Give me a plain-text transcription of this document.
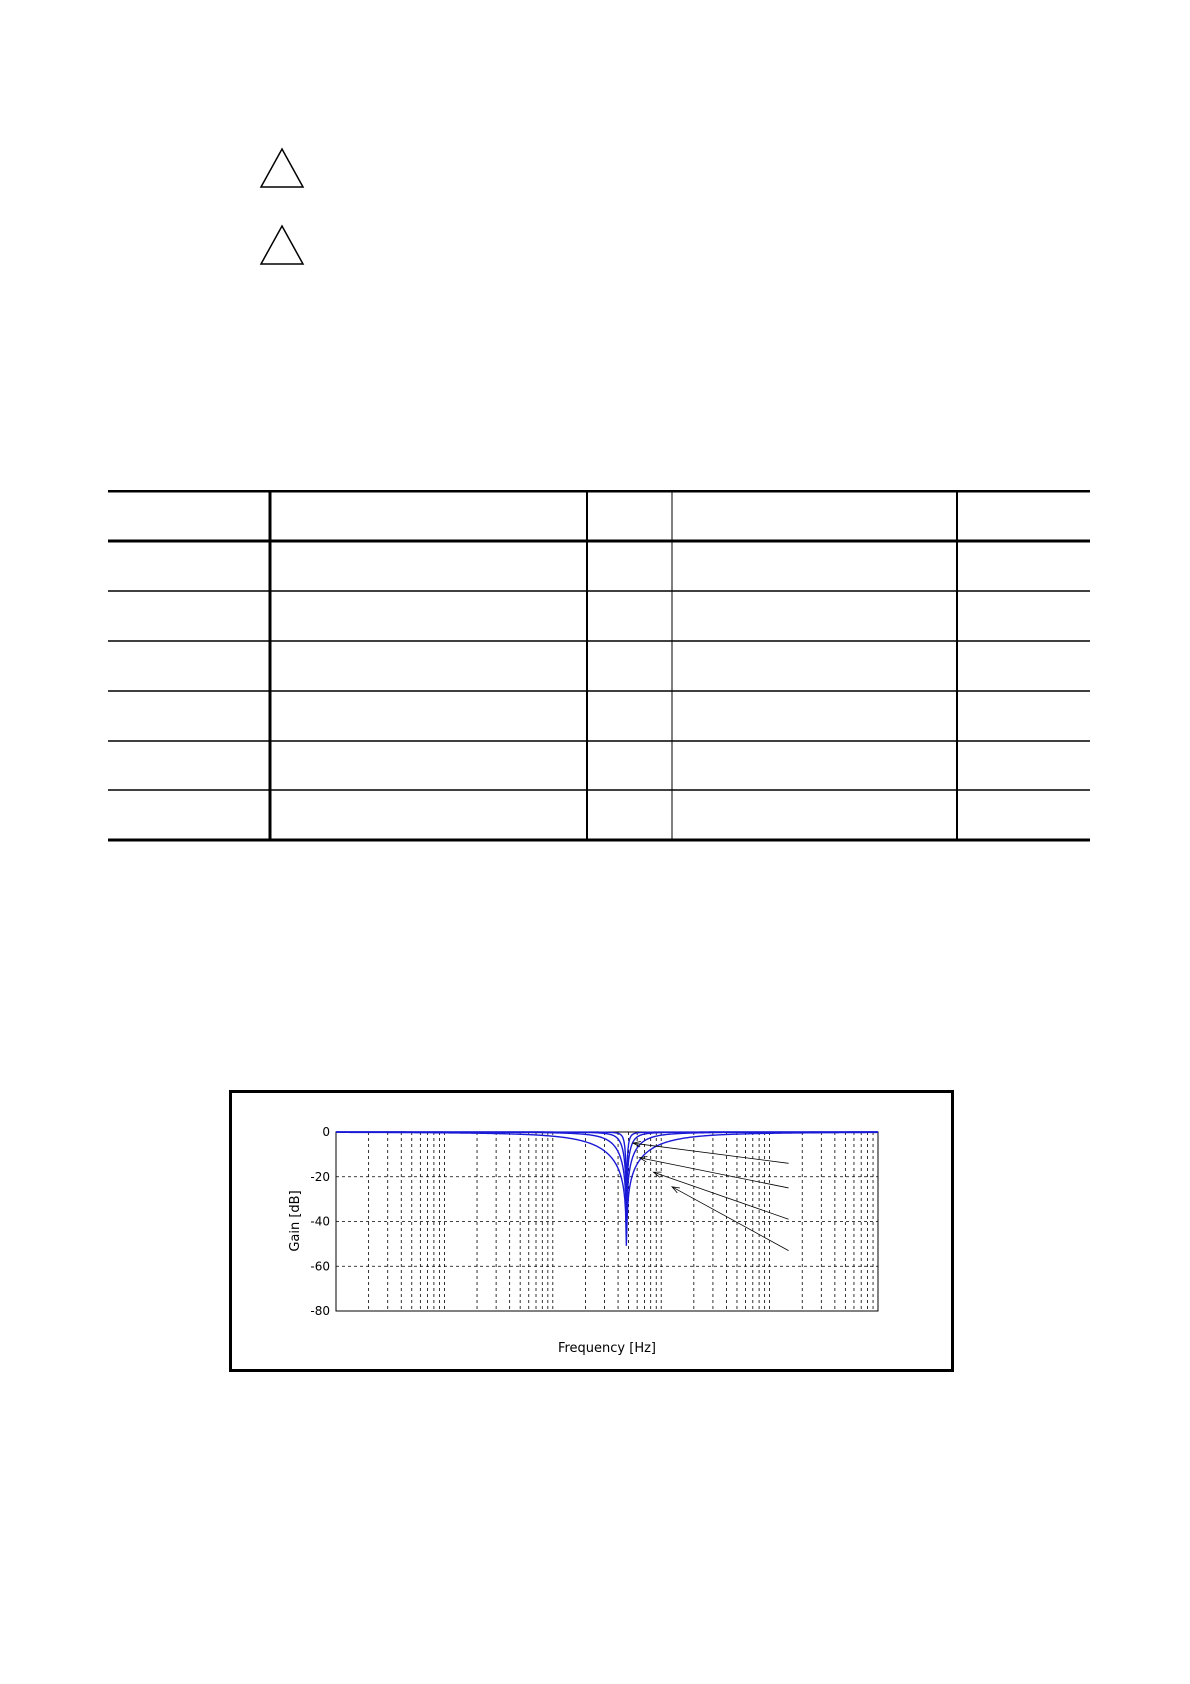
0
-20
-40
-60
-80
Gain [dB]
Frequency [Hz]
